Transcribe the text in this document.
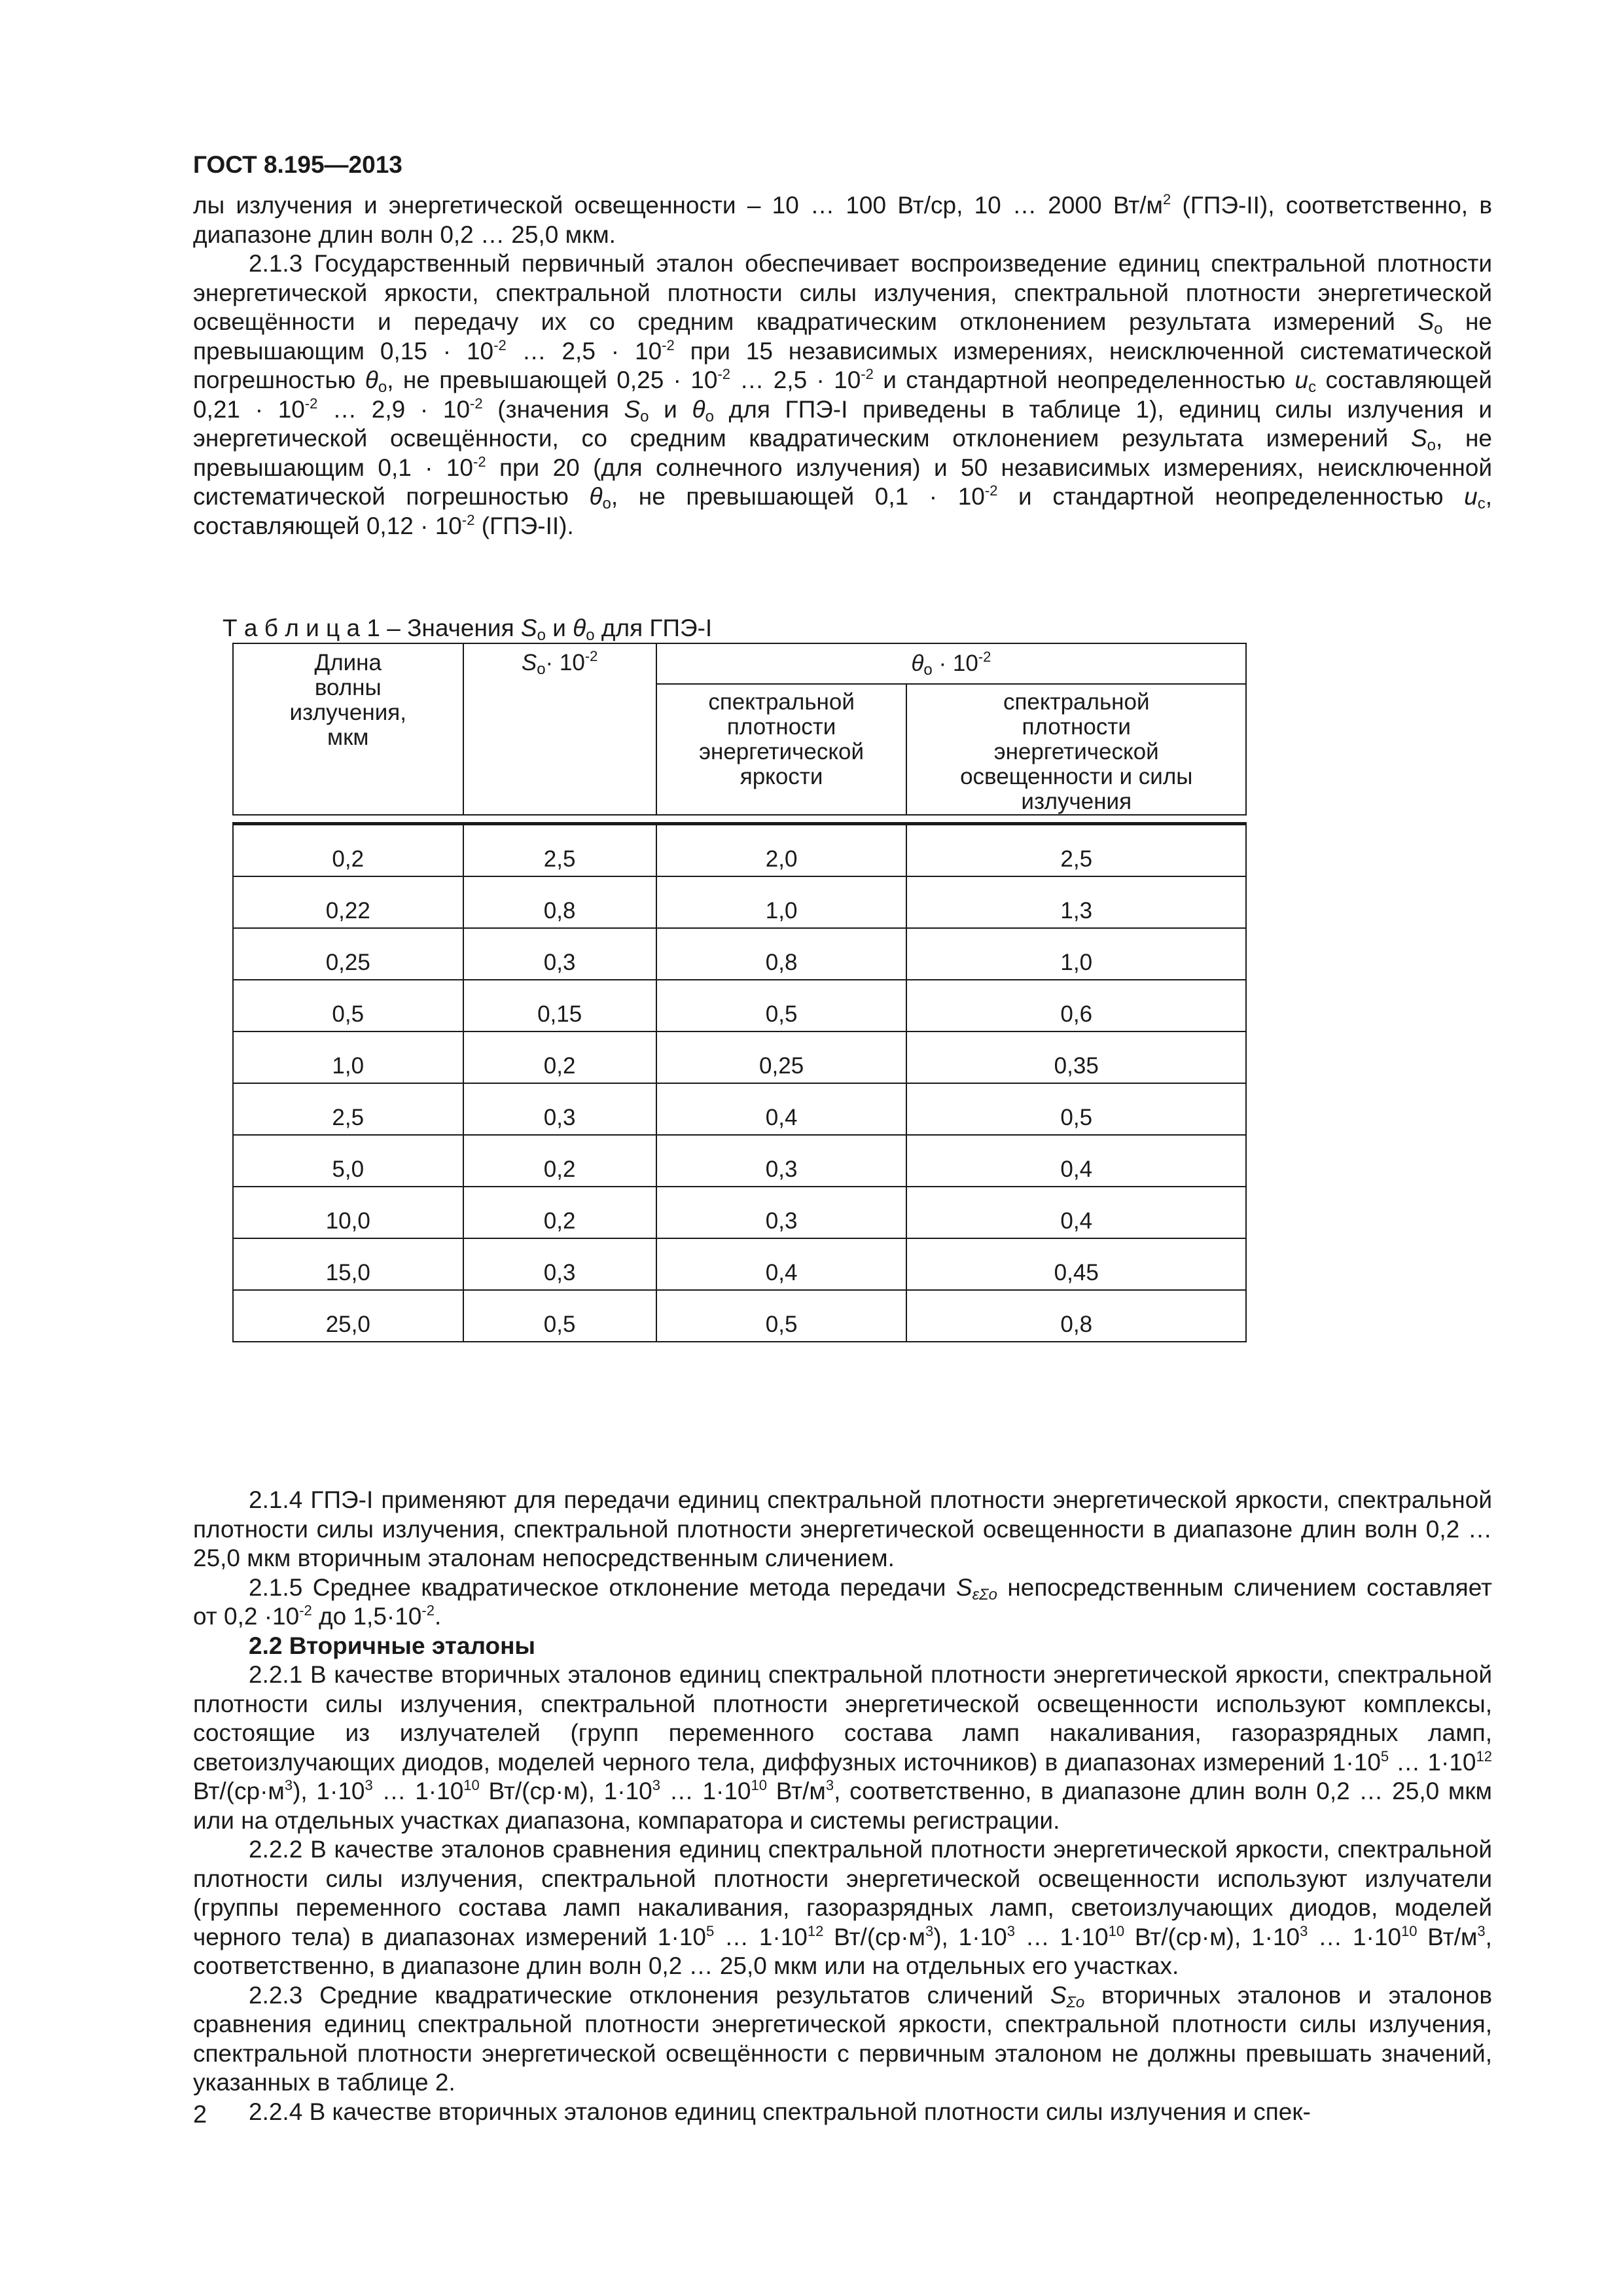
ГОСТ 8.195—2013

лы излучения и энергетической освещенности – 10 … 100 Вт/ср, 10 … 2000 $Вт/м^2$ (ГПЭ-II), соответственно, в диапазоне длин волн 0,2 … 25,0 мкм.

2.1.3 Государственный первичный эталон обеспечивает воспроизведение единиц спектральной плотности энергетической яркости, спектральной плотности силы излучения, спектральной плотности энергетической освещённости и передачу их со средним квадратическим отклонением результата измерений $S_o$ не превышающим $0,15 \cdot 10^{-2}$ … $2,5 \cdot 10^{-2}$ при 15 независимых измерениях, неисключенной систематической погрешностью $\theta_o$, не превышающей $0,25 \cdot 10^{-2}$ … $2,5 \cdot 10^{-2}$ и стандартной неопределенностью $u_c$ составляющей $0,21 \cdot 10^{-2}$ … $2,9 \cdot 10^{-2}$ (значения $S_o$ и $\theta_o$ для ГПЭ-I приведены в таблице 1), единиц силы излучения и энергетической освещённости, со средним квадратическим отклонением результата измерений $S_o$, не превышающим $0,1 \cdot 10^{-2}$ при 20 (для солнечного излучения) и 50 независимых измерениях, неисключенной систематической погрешностью $\theta_o$, не превышающей $0,1 \cdot 10^{-2}$ и стандартной неопределенностью $u_c$, составляющей $0,12 \cdot 10^{-2}$ (ГПЭ-II).

Т а б л и ц а 1 – Значения $S_o$ и $\theta_o$ для ГПЭ-I
Длина волны излучения, мкм	$S_o\cdot 10^{-2}$	$\theta_o \cdot 10^{-2}$

		спектральной плотности энергетической яркости	спектральной плотности энергетической освещенности и силы излучения

0,2	2,5	2,0	2,5
0,22	0,8	1,0	1,3
0,25	0,3	0,8	1,0
0,5	0,15	0,5	0,6
1,0	0,2	0,25	0,35
2,5	0,3	0,4	0,5
5,0	0,2	0,3	0,4
10,0	0,2	0,3	0,4
15,0	0,3	0,4	0,45
25,0	0,5	0,5	0,8

2.1.4 ГПЭ-I применяют для передачи единиц спектральной плотности энергетической яркости, спектральной плотности силы излучения, спектральной плотности энергетической освещенности в диапазоне длин волн 0,2 … 25,0 мкм вторичным эталонам непосредственным сличением.

2.1.5 Среднее квадратическое отклонение метода передачи $S_{\varepsilon\Sigma o}$ непосредственным сличением составляет от $0,2 \cdot 10^{-2}$ до $1,5\cdot 10^{-2}$.

2.2 Вторичные эталоны

2.2.1 В качестве вторичных эталонов единиц спектральной плотности энергетической яркости, спектральной плотности силы излучения, спектральной плотности энергетической освещенности используют комплексы, состоящие из излучателей (групп переменного состава ламп накаливания, газоразрядных ламп, светоизлучающих диодов, моделей черного тела, диффузных источников) в диапазонах измерений $1\cdot 10^5$ … $1\cdot 10^{12}$ $Вт/(ср\cdot м^3)$, $1\cdot 10^3$ … $1\cdot 10^{10}$ Вт/(ср·м), $1\cdot 10^3$ … $1\cdot 10^{10}$ $Вт/м^3$, соответственно, в диапазоне длин волн 0,2 … 25,0 мкм или на отдельных участках диапазона, компаратора и системы регистрации.

2.2.2 В качестве эталонов сравнения единиц спектральной плотности энергетической яркости, спектральной плотности силы излучения, спектральной плотности энергетической освещенности используют излучатели (группы переменного состава ламп накаливания, газоразрядных ламп, светоизлучающих диодов, моделей черного тела) в диапазонах измерений $1\cdot 10^5$ … $1\cdot 10^{12}$ $Вт/(ср\cdot м^3)$, $1\cdot 10^3$ … $1\cdot 10^{10}$ Вт/(ср·м), $1\cdot 10^3$ … $1\cdot 10^{10}$ $Вт/м^3$, соответственно, в диапазоне длин волн 0,2 … 25,0 мкм или на отдельных его участках.

2.2.3 Средние квадратические отклонения результатов сличений $S_{\Sigma o}$ вторичных эталонов и эталонов сравнения единиц спектральной плотности энергетической яркости, спектральной плотности силы излучения, спектральной плотности энергетической освещённости с первичным эталоном не должны превышать значений, указанных в таблице 2.

2.2.4 В качестве вторичных эталонов единиц спектральной плотности силы излучения и спек-

2
